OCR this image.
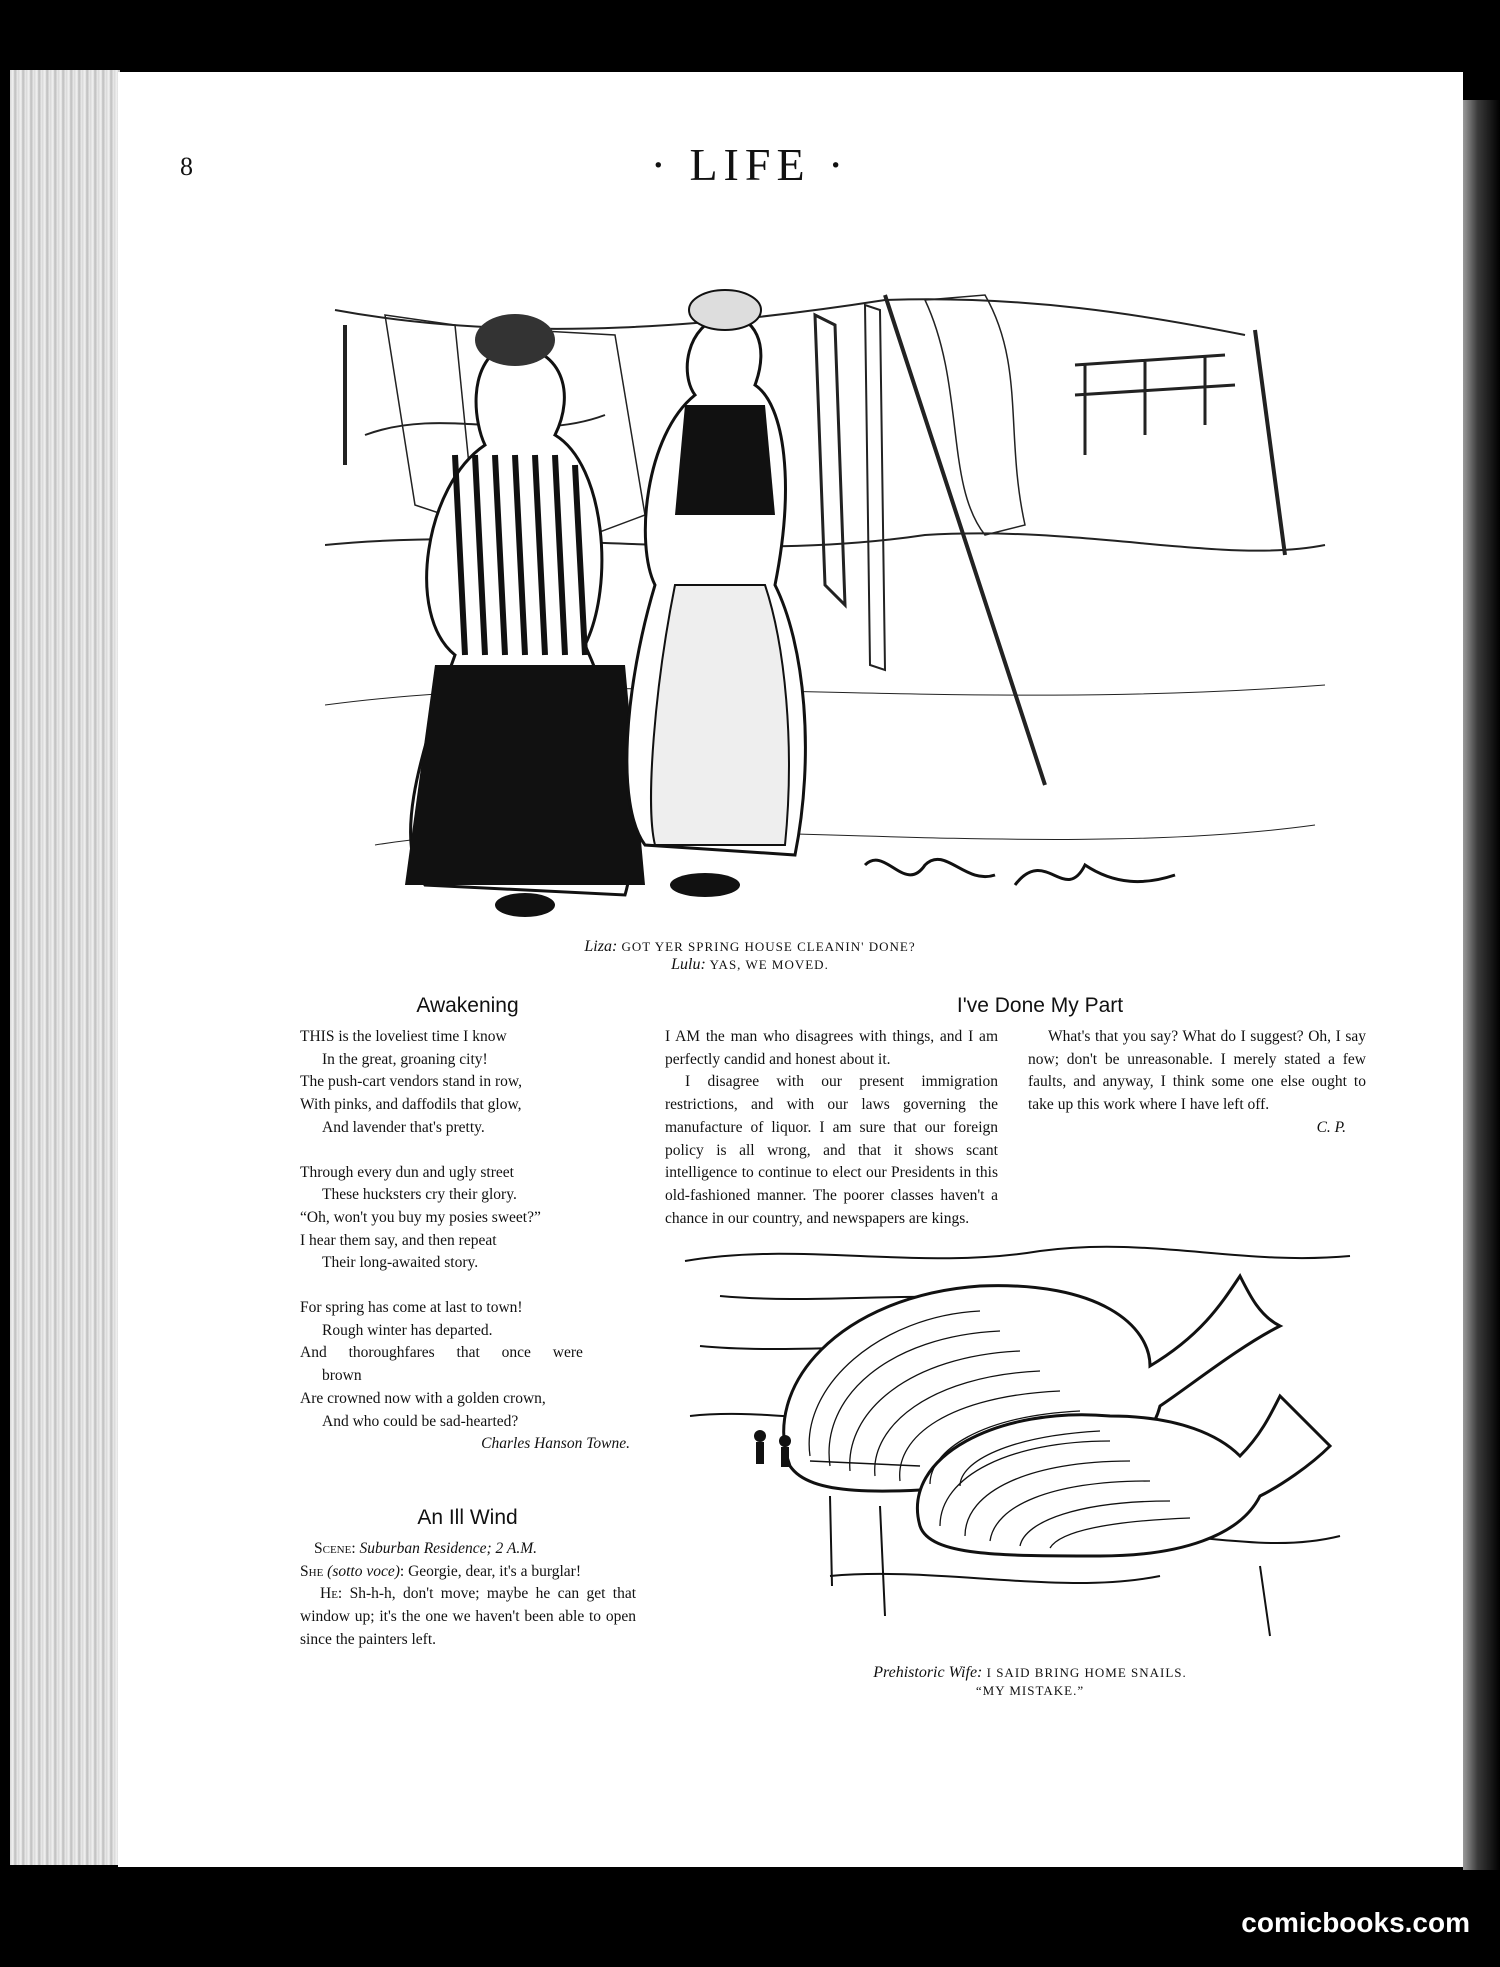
8	· LIFE ·
Liza: GOT YER SPRING HOUSE CLEANIN' DONE?
Lulu: YAS, WE MOVED.
Awakening
THIS is the loveliest time I know
In the great, groaning city!
The push-cart vendors stand in row,
With pinks, and daffodils that glow,
And lavender that's pretty.
Through every dun and ugly street
These hucksters cry their glory.
“Oh, won't you buy my posies sweet?”
I hear them say, and then repeat
Their long-awaited story.
For spring has come at last to town!
Rough winter has departed.
And thoroughfares that once were
brown
Are crowned now with a golden crown,
And who could be sad-hearted?
Charles Hanson Towne.
An Ill Wind

Scene: Suburban Residence; 2 A.M.

She (sotto voce): Georgie, dear, it's a burglar!

He: Sh-h-h, don't move; maybe he can get that window up; it's the one we haven't been able to open since the painters left.

I've Done My Part

I AM the man who disagrees with things, and I am perfectly candid and honest about it.

I disagree with our present immigration restrictions, and with our laws governing the manufacture of liquor. I am sure that our foreign policy is all wrong, and that it shows scant intelligence to continue to elect our Presidents in this old-fashioned manner. The poorer classes haven't a chance in our country, and newspapers are kings.

What's that you say? What do I suggest? Oh, I say now; don't be unreasonable. I merely stated a few faults, and anyway, I think some one else ought to take up this work where I have left off.

C. P.
Prehistoric Wife: I SAID BRING HOME SNAILS.
“MY MISTAKE.”
comicbooks.com
